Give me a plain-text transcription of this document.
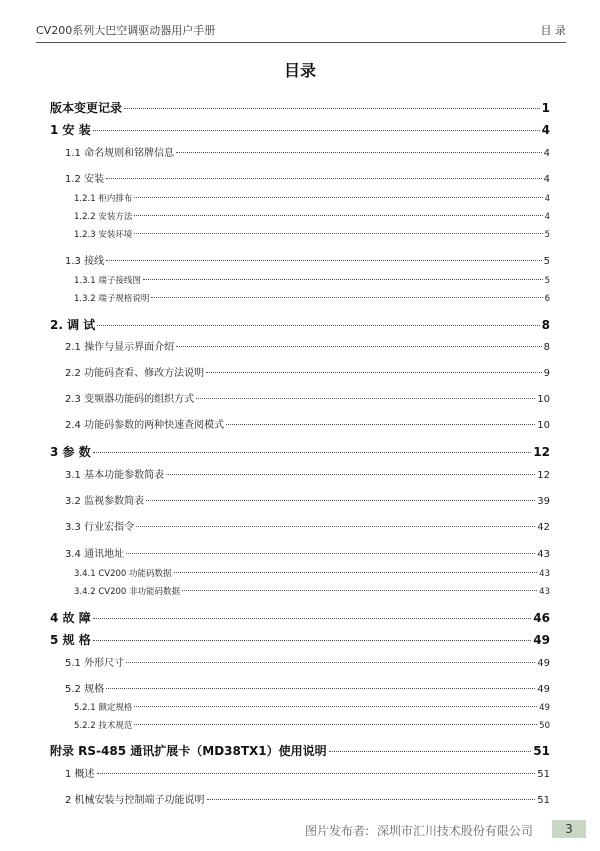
CV200系列大巴空调驱动器用户手册	目 录
目录
版本变更记录	1
1 安 装	4
1.1 命名规则和铭牌信息	4
1.2 安装	4
1.2.1 柜内排布	4
1.2.2 安装方法	4
1.2.3 安装环境	5
1.3 接线	5
1.3.1 端子接线图	5
1.3.2 端子规格说明	6
2. 调 试	8
2.1 操作与显示界面介绍	8
2.2 功能码查看、修改方法说明	9
2.3 变频器功能码的组织方式	10
2.4 功能码参数的两种快速查阅模式	10
3 参 数	12
3.1 基本功能参数简表	12
3.2 监视参数简表	39
3.3 行业宏指令	42
3.4 通讯地址	43
3.4.1 CV200 功能码数据	43
3.4.2 CV200 非功能码数据	43
4 故 障	46
5 规 格	49
5.1 外形尺寸	49
5.2 规格	49
5.2.1 额定规格	49
5.2.2 技术规范	50
附录 RS-485 通讯扩展卡（MD38TX1）使用说明	51
1 概述	51
2 机械安装与控制端子功能说明	51
图片发布者: 深圳市汇川技术股份有限公司	3
